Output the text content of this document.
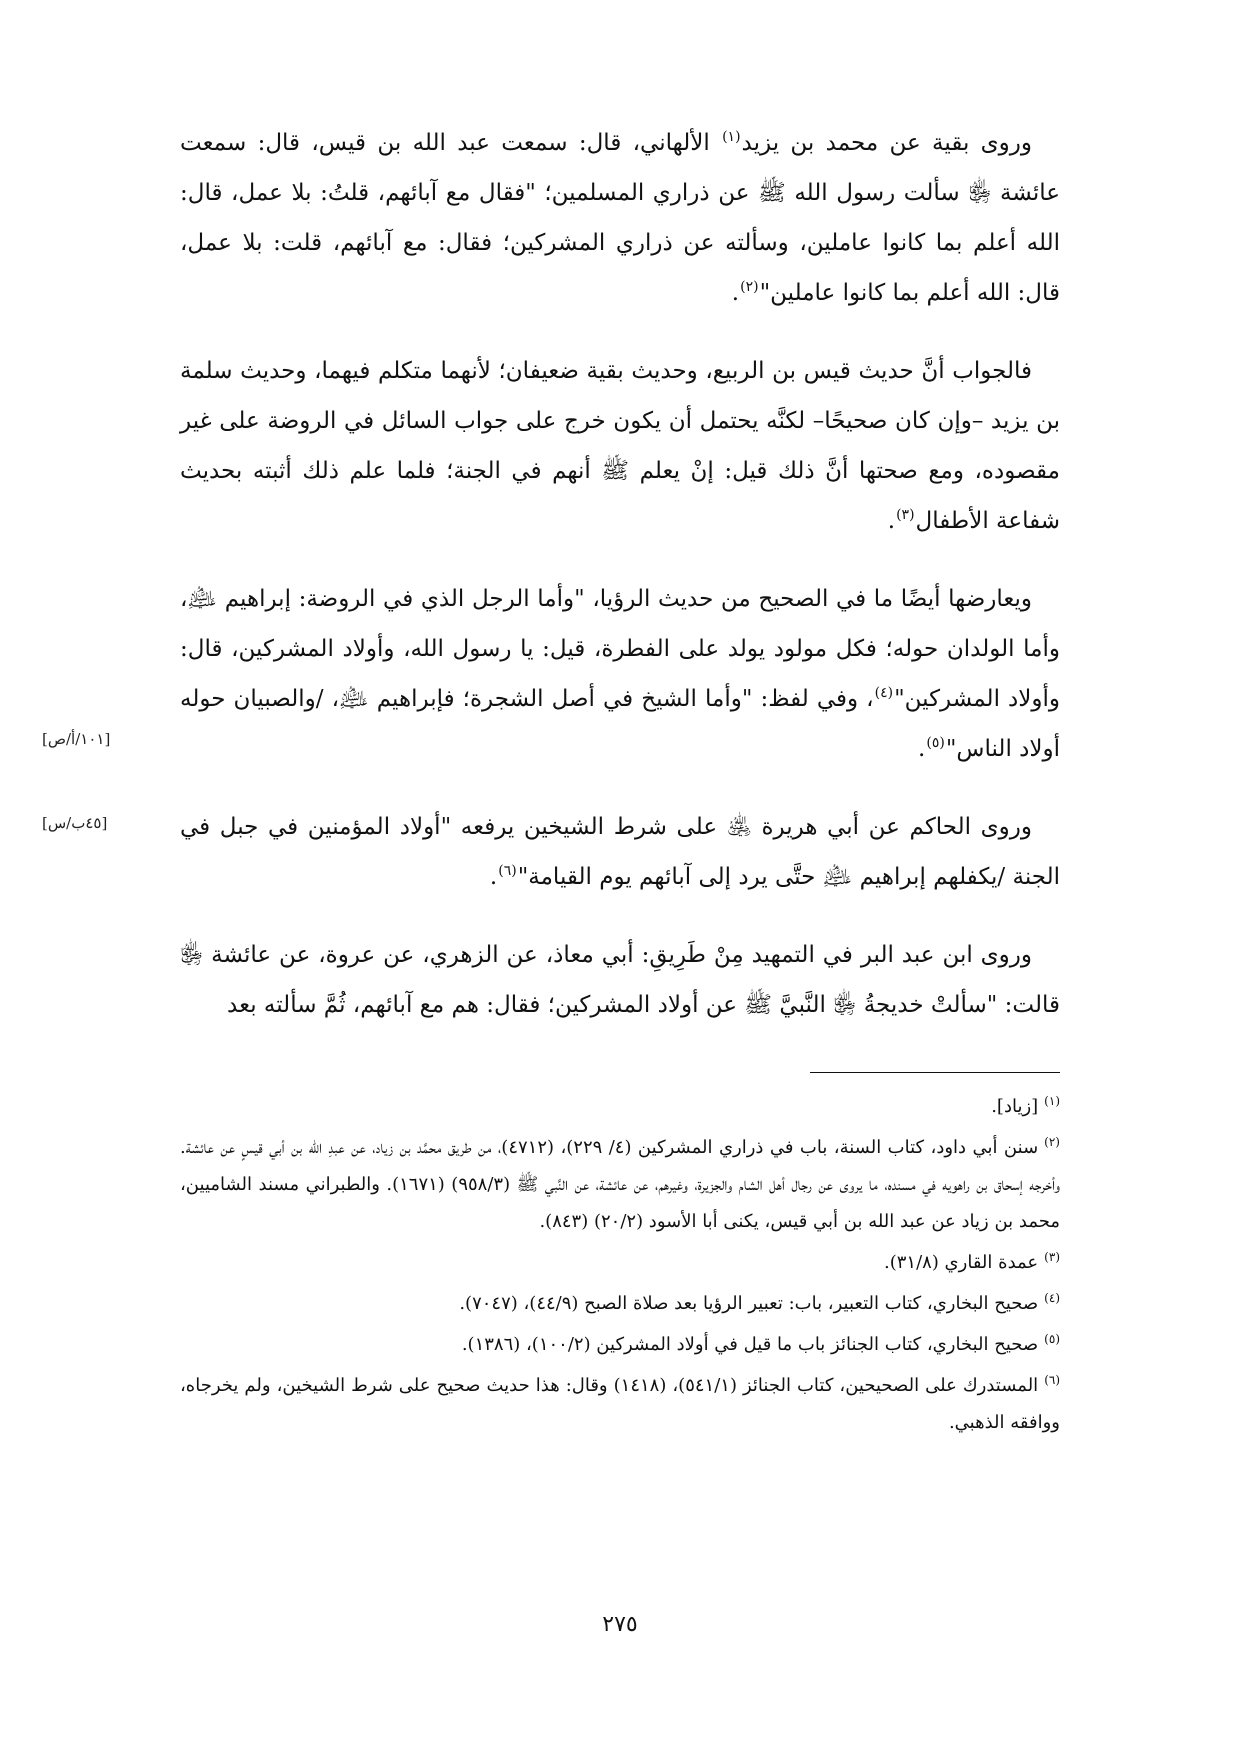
وروى بقية عن محمد بن يزيد$^{(١)}$ الألهاني، قال: سمعت عبد الله بن قيس، قال: سمعت عائشة ﵂ سألت رسول الله ﷺ عن ذراري المسلمين؛ "فقال مع آبائهم، قلتُ: بلا عمل، قال: الله أعلم بما كانوا عاملين، وسألته عن ذراري المشركين؛ فقال: مع آبائهم، قلت: بلا عمل، قال: الله أعلم بما كانوا عاملين"$^{(٢)}$.

فالجواب أنَّ حديث قيس بن الربيع، وحديث بقية ضعيفان؛ لأنهما متكلم فيهما، وحديث سلمة بن يزيد –وإن كان صحيحًا– لكنَّه يحتمل أن يكون خرج على جواب السائل في الروضة على غير مقصوده، ومع صحتها أنَّ ذلك قيل: إنْ يعلم ﷺ أنهم في الجنة؛ فلما علم ذلك أثبته بحديث شفاعة الأطفال$^{(٣)}$.

ويعارضها أيضًا ما في الصحيح من حديث الرؤيا، "وأما الرجل الذي في الروضة: إبراهيم ﵇، وأما الولدان حوله؛ فكل مولود يولد على الفطرة، قيل: يا رسول الله، وأولاد المشركين، قال: وأولاد المشركين"$^{(٤)}$، وفي لفظ: "وأما الشيخ في أصل الشجرة؛ فإبراهيم ﵇، /والصبيان حوله أولاد الناس"$^{(٥)}$.

وروى الحاكم عن أبي هريرة ﵁ على شرط الشيخين يرفعه "أولاد المؤمنين في جبل في الجنة /يكفلهم إبراهيم ﵇ حتَّى يرد إلى آبائهم يوم القيامة"$^{(٦)}$.

وروى ابن عبد البر في التمهيد مِنْ طَرِيقِ: أبي معاذ، عن الزهري، عن عروة، عن عائشة ﵂ قالت: "سألتْ خديجةُ ﵂ النَّبيَّ ﷺ عن أولاد المشركين؛ فقال: هم مع آبائهم، ثُمَّ سألته بعد

[١٠١/أ/ص]
[٤٥ب/س]

$^{(١)}$[زياد].

$^{(٢)}$سنن أبي داود، كتاب السنة، باب في ذراري المشركين (٤/ ٢٢٩)، (٤٧١٢)، من طريق محمَّد بن زياد، عن عبدِ الله بن أبي قيسٍ عن عائشة. وأخرجه إسحاق بن راهويه في مسنده، ما يروى عن رجال أهل الشام والجزيرة، وغيرهم، عن عائشة، عن النَّبي ﷺ (٩٥٨/٣) (١٦٧١). والطبراني مسند الشاميين، محمد بن زياد عن عبد الله بن أبي قيس، يكنى أبا الأسود (٢٠/٢) (٨٤٣).

$^{(٣)}$عمدة القاري (٣١/٨).

$^{(٤)}$صحيح البخاري، كتاب التعبير، باب: تعبير الرؤيا بعد صلاة الصبح (٤٤/٩)، (٧٠٤٧).

$^{(٥)}$صحيح البخاري، كتاب الجنائز باب ما قيل في أولاد المشركين (١٠٠/٢)، (١٣٨٦).

$^{(٦)}$المستدرك على الصحيحين، كتاب الجنائز (٥٤١/١)، (١٤١٨) وقال: هذا حديث صحيح على شرط الشيخين، ولم يخرجاه، ووافقه الذهبي.

٢٧٥
